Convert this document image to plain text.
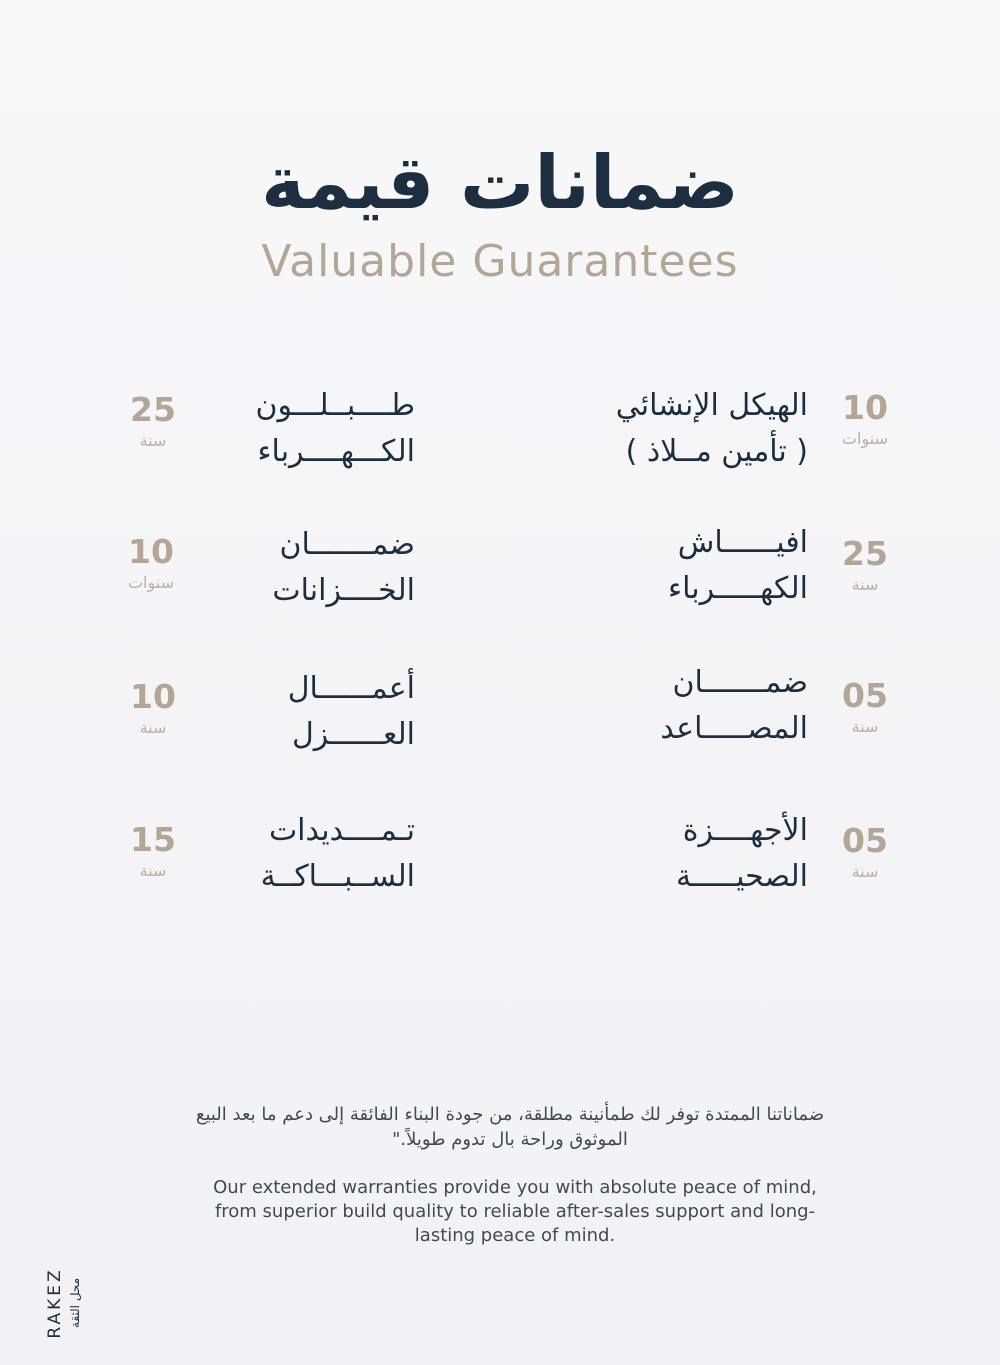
ضمانات قيمة
Valuable Guarantees
الهيكل الإنشائي
( تأمين مــلاذ )
10
سنوات
افيــــــاش
الكهـــــرباء
25
سنة
ضمـــــــان
المصـــــاعد
05
سنة
الأجهــــزة
الصحيـــــة
05
سنة
طــــبــلـــون
الكـــهــــرباء
25
سنة
ضمـــــــان
الخــــزانات
10
سنوات
أعمــــــال
العــــــزل
10
سنة
تـمــــديدات
الســبـــاكــة
15
سنة
ضماناتنا الممتدة توفر لك طمأنينة مطلقة، من جودة البناء الفائقة إلى دعم ما بعد البيع الموثوق وراحة بال تدوم طويلاً."
Our extended warranties provide you with absolute peace of mind, from superior build quality to reliable after-sales support and long-lasting peace of mind.
RAKEZ محل الثقة
